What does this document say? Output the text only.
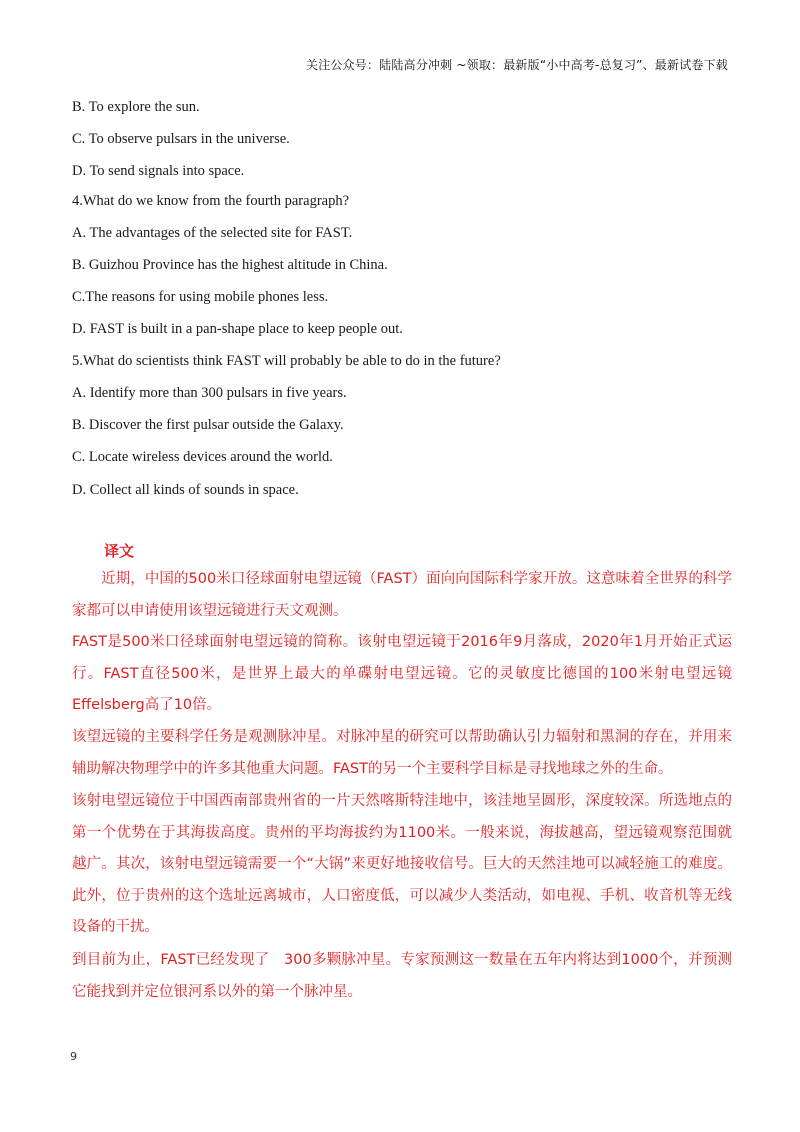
关注公众号：陆陆高分冲刺 ~领取：最新版“小中高考-总复习”、最新试卷下载
B. To explore the sun.
C. To observe pulsars in the universe.
D. To send signals into space.
4.What do we know from the fourth paragraph?
A. The advantages of the selected site for FAST.
B. Guizhou Province has the highest altitude in China.
C.The reasons for using mobile phones less.
D. FAST is built in a pan-shape place to keep people out.
5.What do scientists think FAST will probably be able to do in the future?
A. Identify more than 300 pulsars in five years.
B. Discover the first pulsar outside the Galaxy.
C. Locate wireless devices around the world.
D. Collect all kinds of sounds in space.
译文
　　近期，中国的500米口径球面射电望远镜（FAST）面向向国际科学家开放。这意味着全世界的科学家都可以申请使用该望远镜进行天文观测。
FAST是500米口径球面射电望远镜的简称。该射电望远镜于2016年9月落成，2020年1月开始正式运行。FAST直径500米，是世界上最大的单碟射电望远镜。它的灵敏度比德国的100米射电望远镜Effelsberg高了10倍。
该望远镜的主要科学任务是观测脉冲星。对脉冲星的研究可以帮助确认引力辐射和黑洞的存在，并用来辅助解决物理学中的许多其他重大问题。FAST的另一个主要科学目标是寻找地球之外的生命。
该射电望远镜位于中国西南部贵州省的一片天然喀斯特洼地中，该洼地呈圆形，深度较深。所选地点的第一个优势在于其海拔高度。贵州的平均海拔约为1100米。一般来说，海拔越高，望远镜观察范围就越广。其次，该射电望远镜需要一个“大锅”来更好地接收信号。巨大的天然洼地可以减轻施工的难度。此外，位于贵州的这个选址远离城市，人口密度低，可以减少人类活动，如电视、手机、收音机等无线设备的干扰。
到目前为止，FAST已经发现了　300多颗脉冲星。专家预测这一数量在五年内将达到1000个，并预测它能找到并定位银河系以外的第一个脉冲星。
9
